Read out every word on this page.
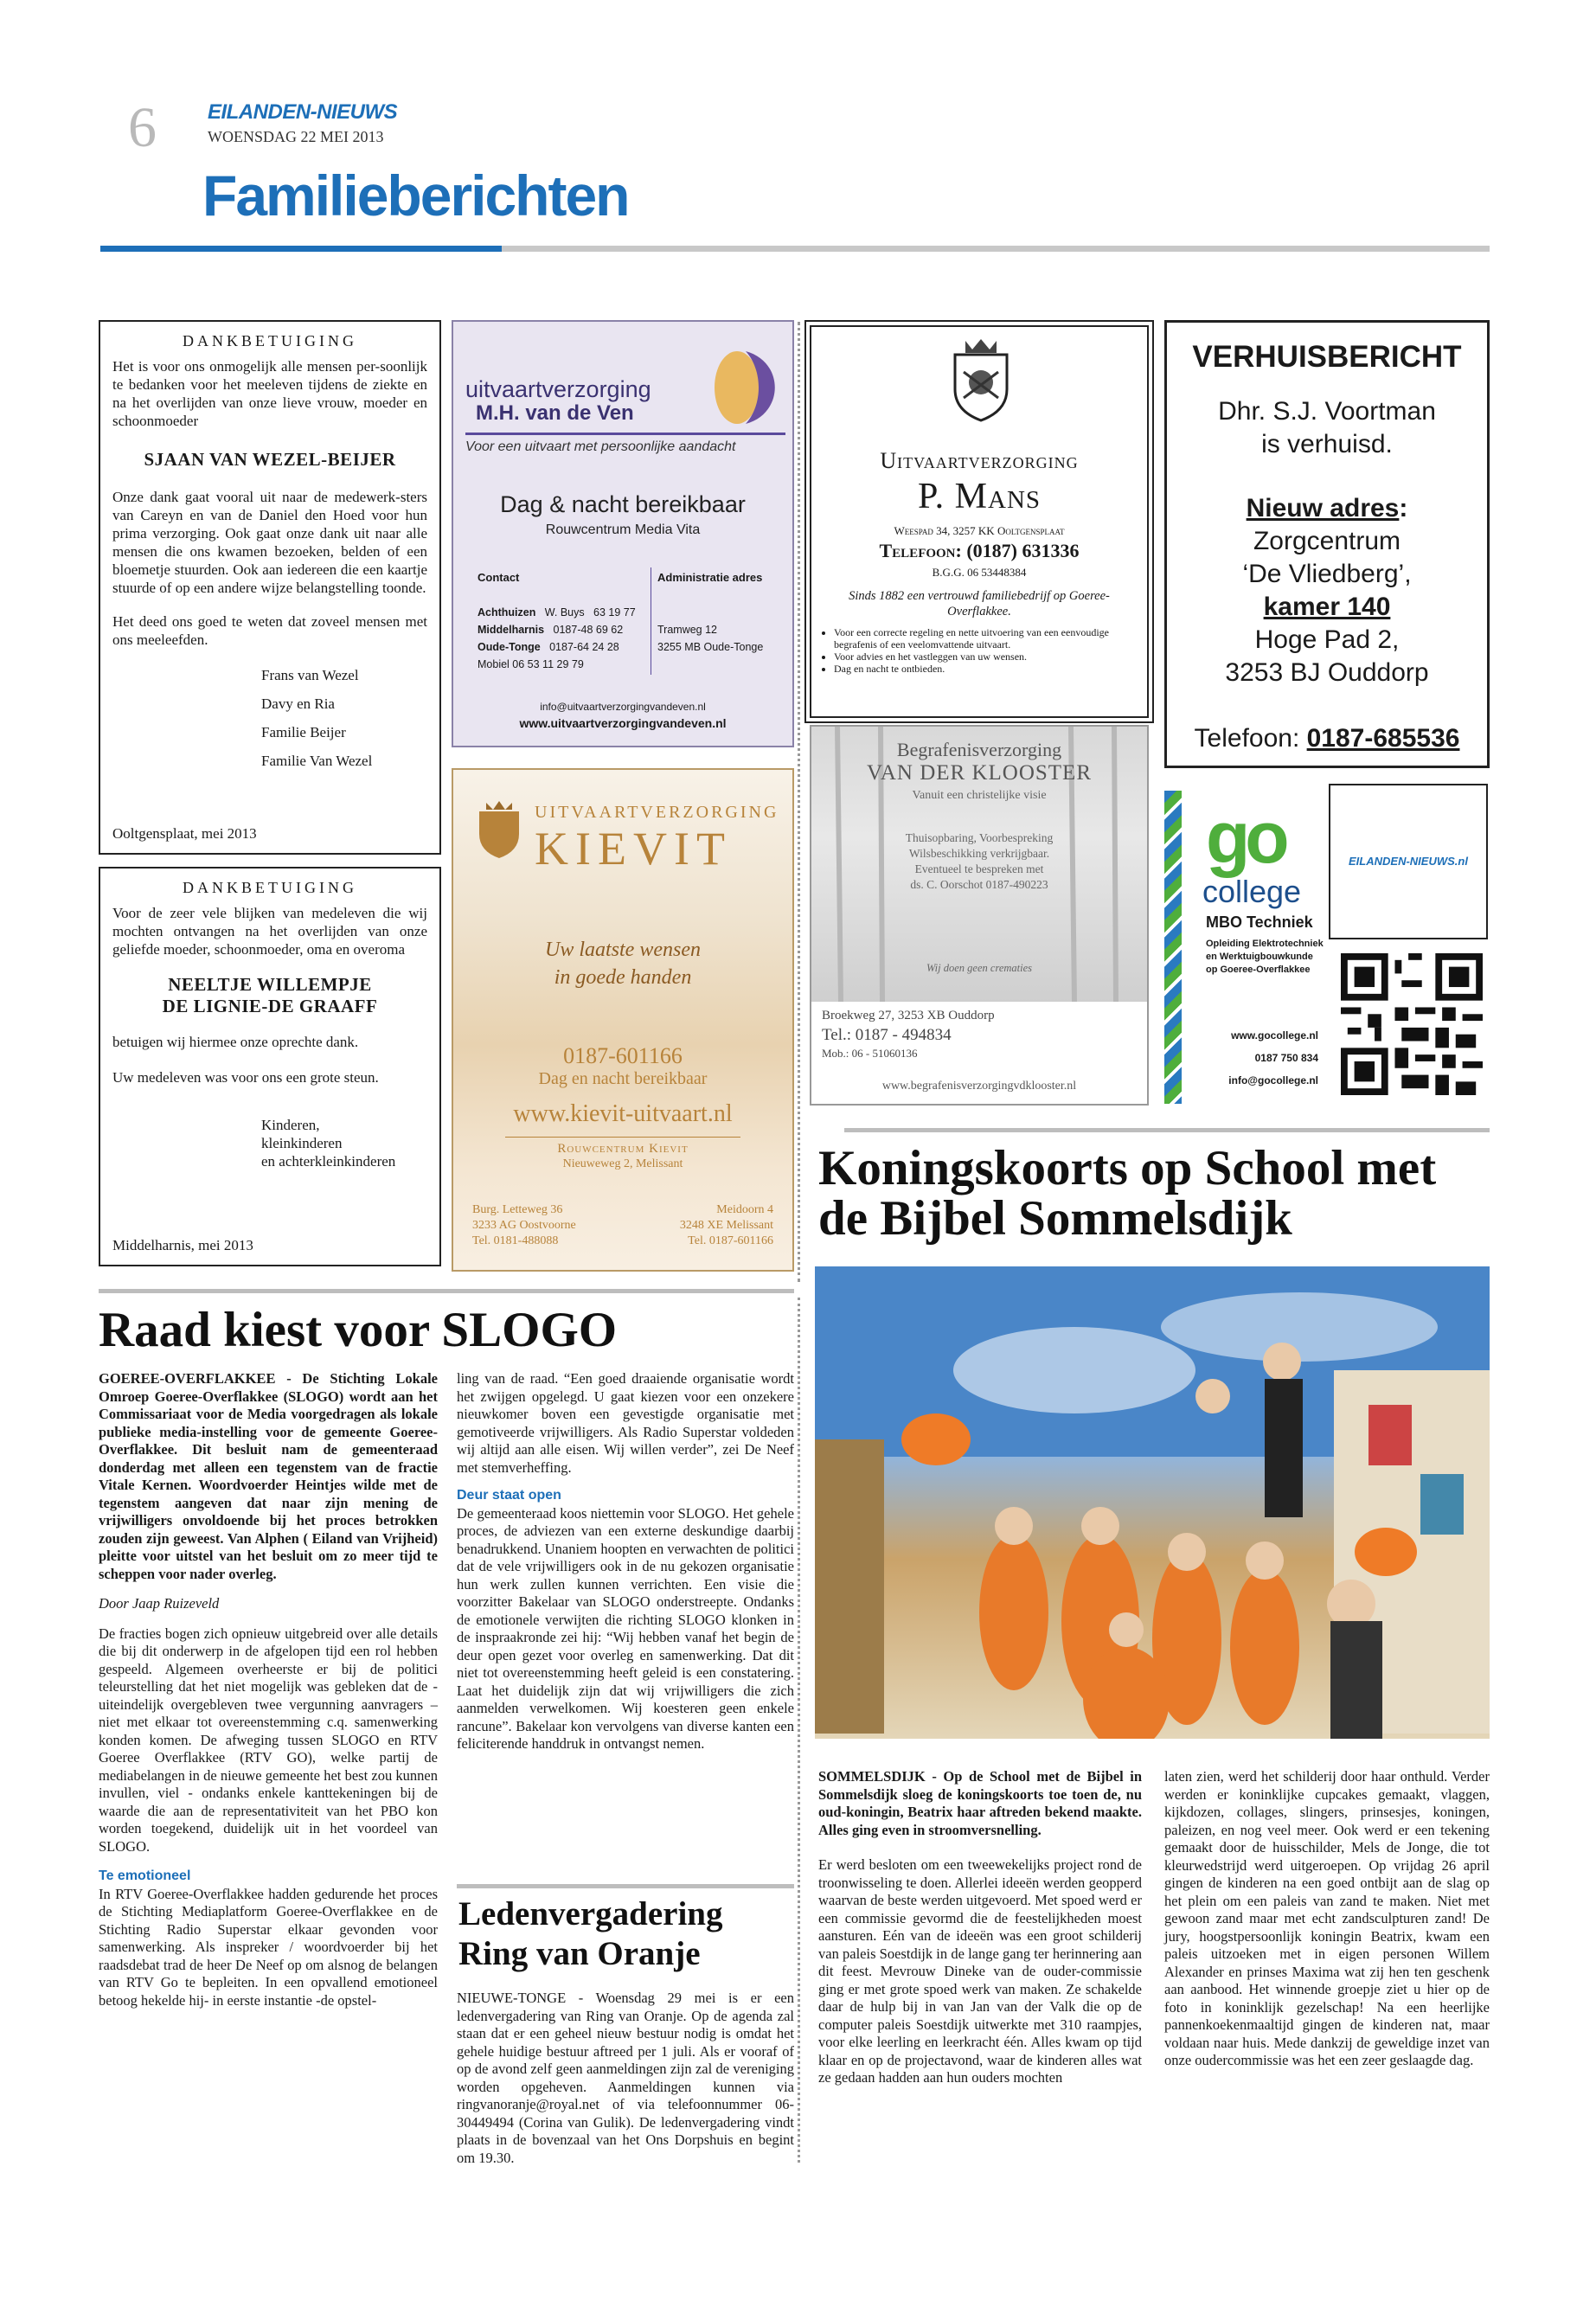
6 EILANDEN-NIEUWS
WOENSDAG 22 MEI 2013
Familieberichten
DANKBETUIGING

Het is voor ons onmogelijk alle mensen per-soonlijk te bedanken voor het meeleven tijdens de ziekte en na het overlijden van onze lieve vrouw, moeder en schoonmoeder

SJAAN VAN WEZEL-BEIJER

Onze dank gaat vooral uit naar de medewerk-sters van Careyn en van de Daniel den Hoed voor hun prima verzorging. Ook gaat onze dank uit naar alle mensen die ons kwamen bezoeken, belden of een bloemetje stuurden. Ook aan iedereen die een kaartje stuurde of op een andere wijze belangstelling toonde.

Het deed ons goed te weten dat zoveel mensen met ons meeleefden.

Frans van Wezel
Davy en Ria
Familie Beijer
Familie Van Wezel
Ooltgensplaat, mei 2013
DANKBETUIGING

Voor de zeer vele blijken van medeleven die wij mochten ontvangen na het overlijden van onze geliefde moeder, schoonmoeder, oma en overoma

NEELTJE WILLEMPJE
DE LIGNIE-DE GRAAFF

betuigen wij hiermee onze oprechte dank.

Uw medeleven was voor ons een grote steun.

Kinderen,
kleinkinderen
en achterkleinkinderen
Middelharnis, mei 2013
uitvaartverzorging
M.H. van de Ven
Voor een uitvaart met persoonlijke aandacht
Dag & nacht bereikbaar
Rouwcentrum Media Vita
Contact	Administratie adres
Achthuizen W. Buys 63 19 77
Middelharnis 0187-48 69 62
Oude-Tonge 0187-64 24 28
Mobiel 06 53 11 29 79
Tramweg 12
3255 MB Oude-Tonge
info@uitvaartverzorgingvandeven.nl
www.uitvaartverzorgingvandeven.nl
Uitvaartverzorging
P. Mans
Weespad 34, 3257 KK Ooltgensplaat
Telefoon: (0187) 631336
B.G.G. 06 53448384
Sinds 1882 een vertrouwd familiebedrijf op Goeree-Overflakkee.
• Voor een correcte regeling en nette uitvoering van een eenvoudige begrafenis of een veelomvattende uitvaart.
• Voor advies en het vastleggen van uw wensen.
• Dag en nacht te ontbieden.
VERHUISBERICHT
Dhr. S.J. Voortman
is verhuisd.
Nieuw adres:
Zorgcentrum
‘De Vliedberg’,
kamer 140
Hoge Pad 2,
3253 BJ Ouddorp
Telefoon: 0187-685536
UITVAARTVERZORGING
KIEVIT
Uw laatste wensen
in goede handen
0187-601166
Dag en nacht bereikbaar
www.kievit-uitvaart.nl
Rouwcentrum Kievit
Nieuweweg 2, Melissant
Burg. Letteweg 36
3233 AG Oostvoorne
Tel. 0181-488088
Meidoorn 4
3248 XE Melissant
Tel. 0187-601166
Begrafenisverzorging
VAN DER KLOOSTER
Vanuit een christelijke visie
Thuisopbaring, Voorbespreking
Wilsbeschikking verkrijgbaar.
Eventueel te bespreken met
ds. C. Oorschot 0187-490223
Wij doen geen crematies
Broekweg 27, 3253 XB Ouddorp
Tel.: 0187 - 494834
Mob.: 06 - 51060136
www.begrafenisverzorgingvdklooster.nl
go
college
MBO Techniek
Opleiding Elektrotechniek
en Werktuigbouwkunde
op Goeree-Overflakkee
www.gocollege.nl
0187 750 834
info@gocollege.nl
EILANDEN-NIEUWS.nl
Koningskoorts op School met de Bijbel Sommelsdijk

SOMMELSDIJK - Op de School met de Bijbel in Sommelsdijk sloeg de koningskoorts toe toen de, nu oud-koningin, Beatrix haar aftreden bekend maakte. Alles ging even in stroomversnelling.

Er werd besloten om een tweewekelijks project rond de troonwisseling te doen. Allerlei ideeën werden geopperd waarvan de beste werden uitgevoerd. Met spoed werd er een commissie gevormd die de feestelijkheden moest aansturen. Eén van de ideeën was een groot schilderij van paleis Soestdijk in de lange gang ter herinnering aan dit feest. Mevrouw Dineke van de ouder-commissie ging er met grote spoed werk van maken. Ze schakelde daar de hulp bij in van Jan van der Valk die op de computer paleis Soestdijk uitwerkte met 310 raampjes, voor elke leerling en leerkracht één. Alles kwam op tijd klaar en op de projectavond, waar de kinderen alles wat ze gedaan hadden aan hun ouders mochten

laten zien, werd het schilderij door haar onthuld. Verder werden er koninklijke cupcakes gemaakt, vlaggen, kijkdozen, collages, slingers, prinsesjes, koningen, paleizen, en nog veel meer. Ook werd er een tekening gemaakt door de huisschilder, Mels de Jonge, die tot kleurwedstrijd werd uitgeroepen. Op vrijdag 26 april gingen de kinderen na een goed ontbijt aan de slag op het plein om een paleis van zand te maken. Niet met gewoon zand maar met echt zandsculpturen zand! De jury, hoogstpersoonlijk koningin Beatrix, kwam een paleis uitzoeken met in eigen personen Willem Alexander en prinses Maxima wat zij hen ten geschenk aan aanbood. Het winnende groepje ziet u hier op de foto in koninklijk gezelschap! Na een heerlijke pannenkoekenmaaltijd gingen de kinderen nat, maar voldaan naar huis. Mede dankzij de geweldige inzet van onze oudercommissie was het een zeer geslaagde dag.

Raad kiest voor SLOGO

GOEREE-OVERFLAKKEE - De Stichting Lokale Omroep Goeree-Overflakkee (SLOGO) wordt aan het Commissariaat voor de Media voorgedragen als lokale publieke media-instelling voor de gemeente Goeree-Overflakkee. Dit besluit nam de gemeenteraad donderdag met alleen een tegenstem van de fractie Vitale Kernen. Woordvoerder Heintjes wilde met de tegenstem aangeven dat naar zijn mening de vrijwilligers onvoldoende bij het proces betrokken zouden zijn geweest. Van Alphen ( Eiland van Vrijheid) pleitte voor uitstel van het besluit om zo meer tijd te scheppen voor nader overleg.

Door Jaap Ruizeveld

De fracties bogen zich opnieuw uitgebreid over alle details die bij dit onderwerp in de afgelopen tijd een rol hebben gespeeld. Algemeen overheerste er bij de politici teleurstelling dat het niet mogelijk was gebleken dat de - uiteindelijk overgebleven twee vergunning aanvragers – niet met elkaar tot overeenstemming c.q. samenwerking konden komen. De afweging tussen SLOGO en RTV Goeree Overflakkee (RTV GO), welke partij de mediabelangen in de nieuwe gemeente het best zou kunnen invullen, viel - ondanks enkele kanttekeningen bij de waarde die aan de representativiteit van het PBO kon worden toegekend, duidelijk uit in het voordeel van SLOGO.

Te emotioneel

In RTV Goeree-Overflakkee hadden gedurende het proces de Stichting Mediaplatform Goeree-Overflakkee en de Stichting Radio Superstar elkaar gevonden voor samenwerking. Als inspreker / woordvoerder bij het raadsdebat trad de heer De Neef op om alsnog de belangen van RTV Go te bepleiten. In een opvallend emotioneel betoog hekelde hij- in eerste instantie -de opstel-

ling van de raad. “Een goed draaiende organisatie wordt het zwijgen opgelegd. U gaat kiezen voor een onzekere nieuwkomer boven een gevestigde organisatie met gemotiveerde vrijwilligers. Als Radio Superstar voldeden wij altijd aan alle eisen. Wij willen verder”, zei De Neef met stemverheffing.

Deur staat open

De gemeenteraad koos niettemin voor SLOGO. Het gehele proces, de adviezen van een externe deskundige daarbij benadrukkend. Unaniem hoopten en verwachten de politici dat de vele vrijwilligers ook in de nu gekozen organisatie hun werk zullen kunnen verrichten. Een visie die voorzitter Bakelaar van SLOGO onderstreepte. Ondanks de emotionele verwijten die richting SLOGO klonken in de inspraakronde zei hij: “Wij hebben vanaf het begin de deur open gezet voor overleg en samenwerking. Dat dit niet tot overeenstemming heeft geleid is een constatering. Laat het duidelijk zijn dat wij vrijwilligers die zich aanmelden verwelkomen. Wij koesteren geen enkele rancune”. Bakelaar kon vervolgens van diverse kanten een feliciterende handdruk in ontvangst nemen.

Ledenvergadering
Ring van Oranje

NIEUWE-TONGE - Woensdag 29 mei is er een ledenvergadering van Ring van Oranje. Op de agenda zal staan dat er een geheel nieuw bestuur nodig is omdat het gehele huidige bestuur aftreed per 1 juli. Als er vooraf of op de avond zelf geen aanmeldingen zijn zal de vereniging worden opgeheven. Aanmeldingen kunnen via ringvanoranje@royal.net of via telefoonnummer 06-30449494 (Corina van Gulik). De ledenvergadering vindt plaats in de bovenzaal van het Ons Dorpshuis en begint om 19.30.
